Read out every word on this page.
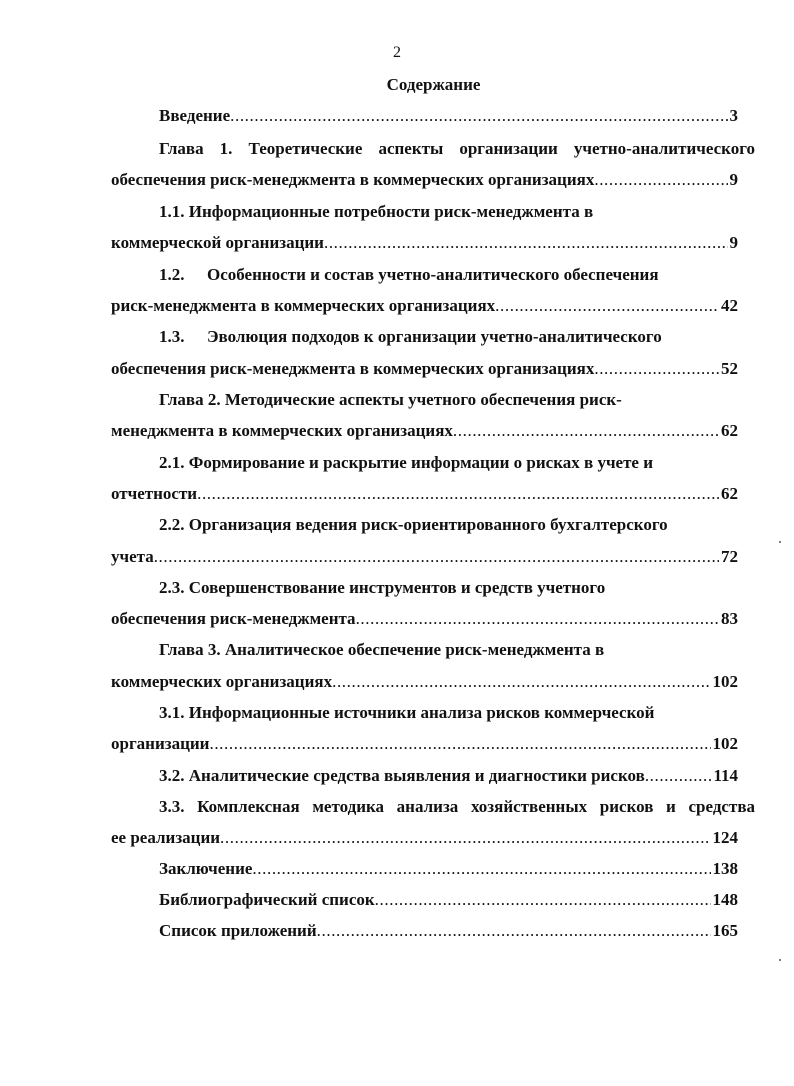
2
Содержание
Введение .....	3
Глава 1. Теоретические аспекты организации учетно-аналитического
обеспечения риск-менеджмента в коммерческих организациях .....	9
1.1. Информационные потребности риск-менеджмента в
коммерческой организации .....	9
1.2. Особенности и состав учетно-аналитического обеспечения
риск-менеджмента в коммерческих организациях .....	42
1.3. Эволюция подходов к организации учетно-аналитического
обеспечения риск-менеджмента в коммерческих организациях .....	52
Глава 2. Методические аспекты учетного обеспечения риск-
менеджмента в коммерческих организациях .....	62
2.1. Формирование и раскрытие информации о рисках в учете и
отчетности .....	62
2.2. Организация ведения риск-ориентированного бухгалтерского
учета .....	72
2.3. Совершенствование инструментов и средств учетного
обеспечения риск-менеджмента .....	83
Глава 3. Аналитическое обеспечение риск-менеджмента в
коммерческих организациях .....	102
3.1. Информационные источники анализа рисков коммерческой
организации .....	102
3.2. Аналитические средства выявления и диагностики рисков .....	114
3.3. Комплексная методика анализа хозяйственных рисков и средства
ее реализации .....	124
Заключение .....	138
Библиографический список .....	148
Список приложений .....	165
